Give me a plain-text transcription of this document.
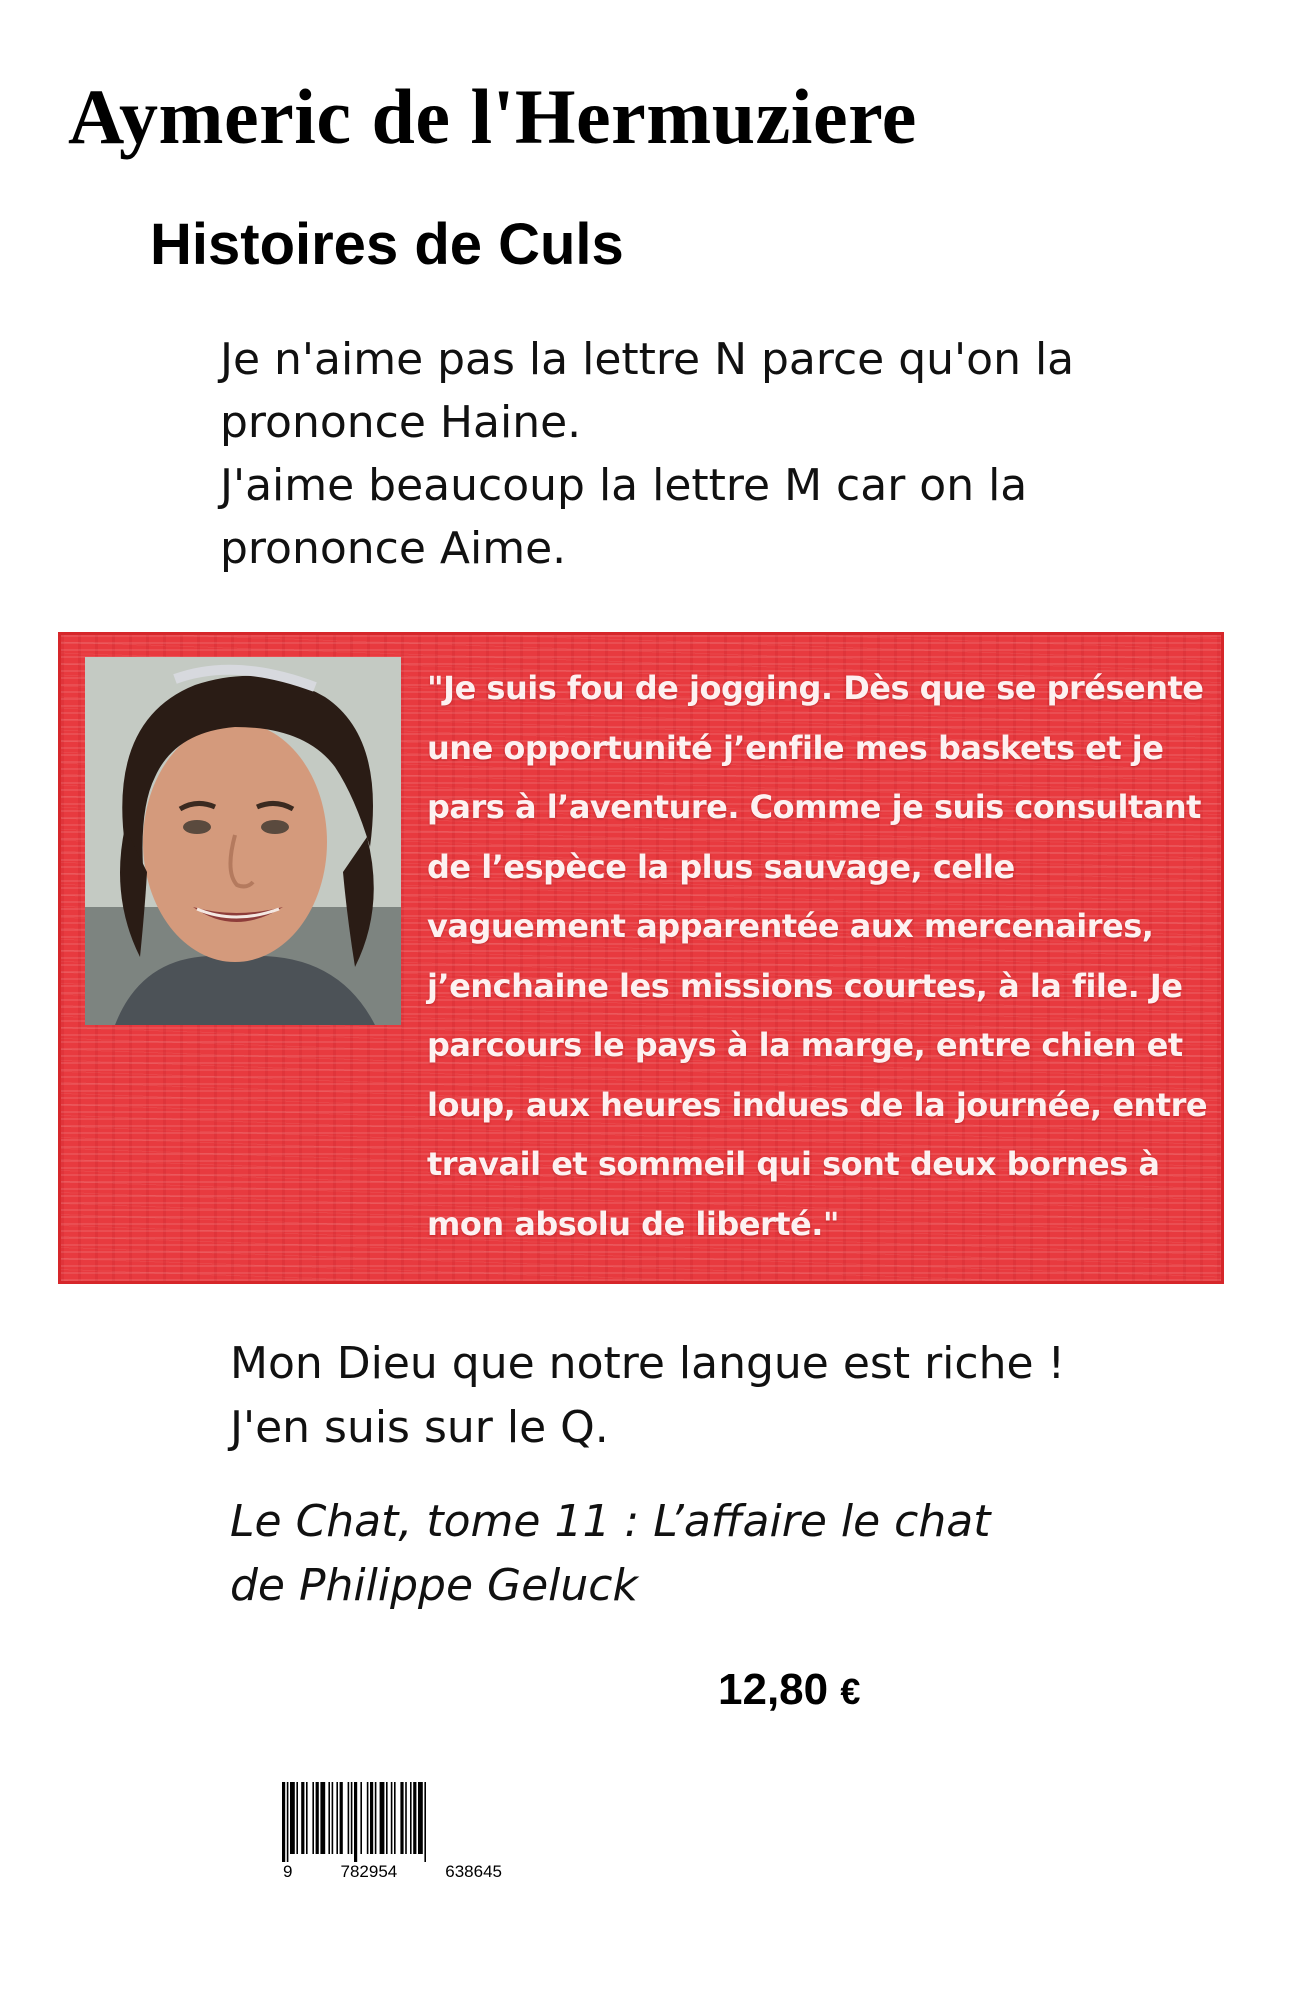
Aymeric de l'Hermuziere
Histoires de Culs

Je n'aime pas la lettre N parce qu'on la prononce Haine.

J'aime beaucoup la lettre M car on la prononce Aime.

"Je suis fou de jogging. Dès que se présente une opportunité j’enfile mes baskets et je pars à l’aventure. Comme je suis consultant de l’espèce la plus sauvage, celle vaguement apparentée aux mercenaires, j’enchaine les missions courtes, à la file. Je parcours le pays à la marge, entre chien et loup, aux heures indues de la journée, entre travail et sommeil qui sont deux bornes à mon absolu de liberté."

Mon Dieu que notre langue est riche !

J'en suis sur le Q.

Le Chat, tome 11 : L’affaire le chat

de Philippe Geluck

12,80 €
9	782954	638645
